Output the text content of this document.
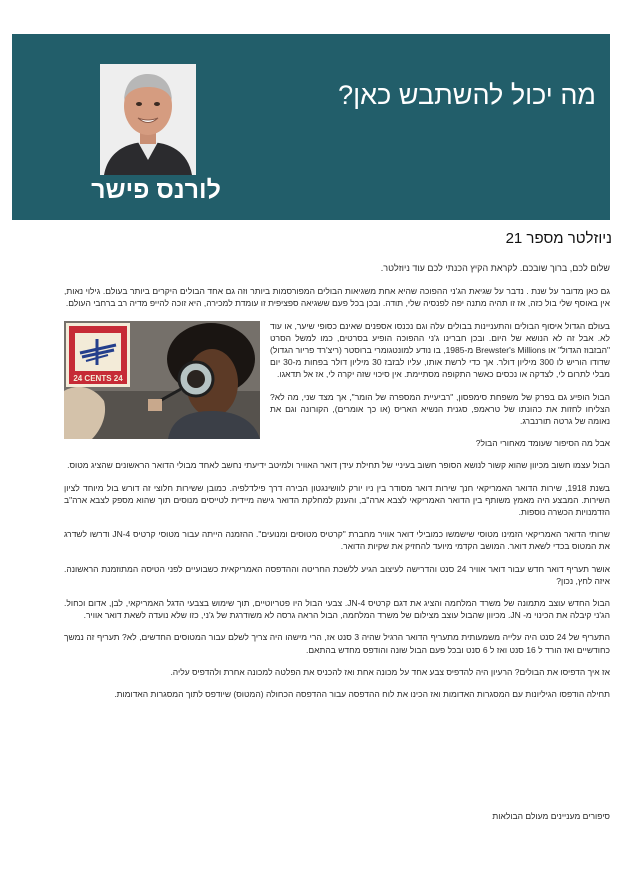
מה יכול להשתבש כאן?
לורנס פישר
ניוזלטר מספר 21

שלום לכם, ברוך שובכם. לקראת הקיץ הכנתי לכם עוד ניוזלטר.

גם כאן מדובר על שנת . נדבר על שגיאת הג'ני ההפוכה שהיא אחת משגיאות הבולים המפורסמות ביותר וזה גם אחד הבולים היקרים ביותר בעולם. גילוי נאות, אין באוסף שלי בול כזה, אז זו תהיה מתנה יפה לפנסיה שלי, תודה. ובכן בכל פעם ששגיאה ספציפית זו עומדת למכירה, היא זוכה להייפ מדיה רב ברחבי העולם.

U.S. POSTAGE
24 CENTS 24

בעולם הגדול איסוף הבולים והתעניינות בבולים עלה וגם נכנסו אספנים שאינם כסופי שיער, או עוד לא. אבל זה לא הנושא של היום. ובכן חברינו ג'ני ההפוכה הופיע בסרטים, כמו למשל הסרט "הבזבוז הגדול" או Brewster's Millions מ-1985, בו נודע למונטגומרי ברוסטר (ריצ'רד פריור הגדול) שדודו הוריש לו 300 מיליון דולר. אך כדי לרשת אותו, עליו לבזבז 30 מיליון דולר בפחות מ-30 יום מבלי לתרום לי, לצדקה או נכסים כאשר התקופה מסתיימת. אין סיכוי שזה יקרה לי, אז אל תדאגו.

הבול הופיע גם בפרק של משפחת סימפסון, "רביעיית המספרה של הומר", אך מצד שני, מה לא? הצליחו לחזות את כהונתו של טראמפ, סגנית הנשיא האריס (או כך אומרים), הקורונה וגם את נאומה של גרטה תורנברג.

אבל מה הסיפור שעומד מאחורי הבול?

הבול עצמו חשוב מכיוון שהוא קשור לנושא הסופר חשוב בעיניי של תחילת עידן דואר האוויר ולמיטב ידיעתי נחשב לאחד מבולי הדואר הראשונים שהציג מטוס.

בשנת 1918, שירות הדואר האמריקאי חנך שירות דואר מסודר בין ניו יורק לוושינגטון הבירה דרך פילדלפיה. כמובן ששירות חלוצי זה דורש בול מיוחד לציון השירות. המבצע היה מאמץ משותף בין הדואר האמריקאי לצבא ארה"ב, והענק למחלקת הדואר גישה מיידית לטייסים מנוסים תוך שהוא מספק לצבא ארה"ב הזדמנויות הכשרה נוספות.

שרותי הדואר האמריקאי הזמינו מטוסי שישמשו כמובילי דואר אוויר מחברת "קרטיס מטוסים ומנועים". ההזמנה הייתה עבור מטוסי קרטיס JN-4 ודרשו לשדרג את המטוס בכדי לשאת דואר. המושב הקדמי מיועד להחזיק את שקיות הדואר.

אושר תעריף דואר חדש עבור דואר אוויר 24 סנט והדרישה לעיצוב הגיע ללשכת החריטה וההדפסה האמריקאית כשבועיים לפני הטיסה המתוזמנת הראשונה. איזה לחץ, נכון?

הבול החדש עוצב מתמונה של משרד המלחמה והציג את דגם קרטיס JN-4. צבעי הבול היו פטריוטיים, תוך שימוש בצבעי הדגל האמריקאי, לבן, אדום וכחול. הג'ני קיבלה את הכינוי מ- JN. מכיוון שהבול עוצב מצילום של משרד המלחמה, הבול הראה גרסה לא משודרגת של ג'ני, כזו שלא נועדה לשאת דואר אוויר.

התעריף של 24 סנט היה עלייה משמעותית מתעריף הדואר הרגיל שהיה 3 סנט אז, הרי מישהו היה צריך לשלם עבור המטוסים החדשים, לא? תעריף זה נמשך כחודשיים ואז הורד ל 16 סנט ואז ל 6 סנט ובכל פעם הבול שונה והודפס מחדש בהתאם.

אז איך הדפיסו את הבולים? הרעיון היה להדפיס צבע אחד על מכונה אחת ואז להכניס את הפלטה למכונה אחרת ולהדפיס עליה.

תחילה הודפסו הגיליונות עם המסגרות האדומות ואז הכינו את לוח ההדפסה עבור ההדפסה הכחולה (המטוס) שיודפס לתוך המסגרות האדומות.

סיפורים מעניינים מעולם הבולאות
